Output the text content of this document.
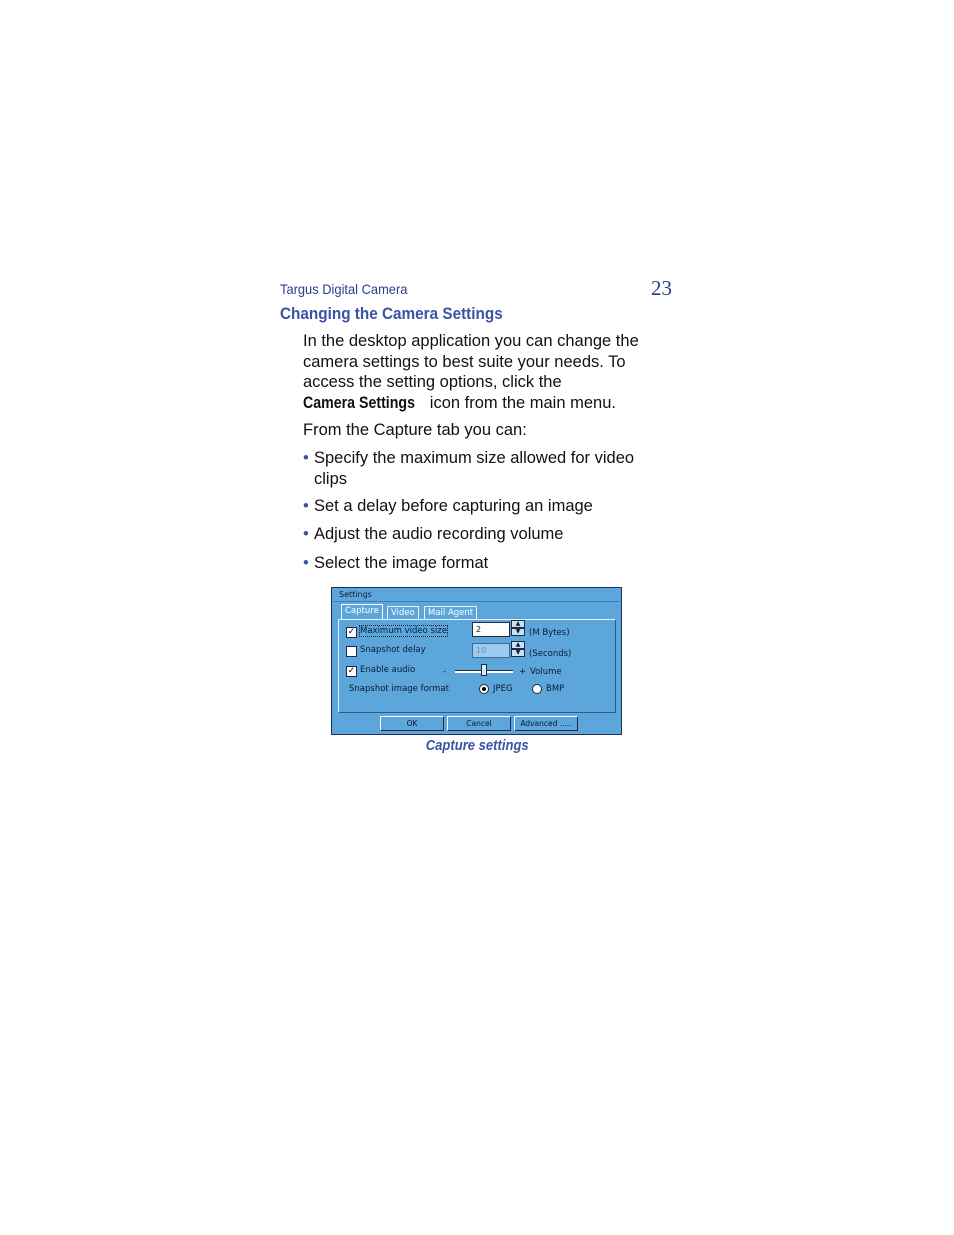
Targus Digital Camera	23
Changing the Camera Settings
In the desktop application you can change the camera settings to best suite your needs. To access the setting options, click the Camera Settings icon from the main menu.
From the Capture tab you can:
• Specify the maximum size allowed for video clips
• Set a delay before capturing an image
• Adjust the audio recording volume
• Select the image format
Settings
Capture	Video	Mail Agent
✓ Maximum video size	2
▲
▼	(M Bytes)
Snapshot delay	10
▲
▼	(Seconds)
✓ Enable audio	-	+ Volume
Snapshot image format	JPEG	BMP
OK	Cancel	Advanced .....
Capture settings
